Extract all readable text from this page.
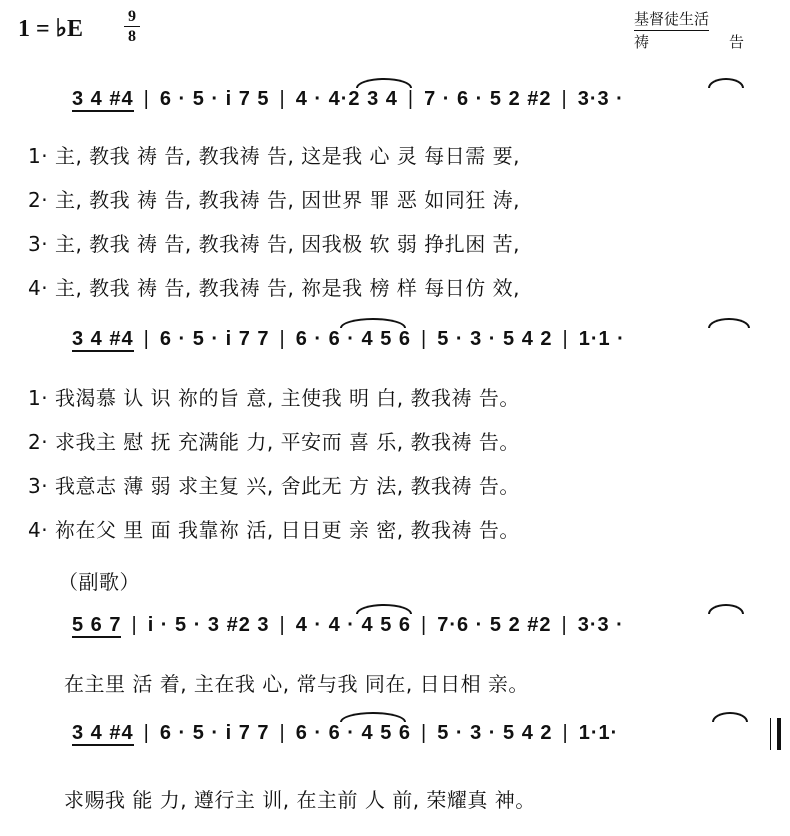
1 = ♭E	9
8
基督徒生活
祷	告
3 4 #4 | 6 · 5 · i 7 5 | 4 · 4·2 3 4 | 7 · 6 · 5 2 #2 | 3·3 ·
1· 主, 教我 祷 告, 教我祷 告, 这是我 心 灵 每日需 要,
2· 主, 教我 祷 告, 教我祷 告, 因世界 罪 恶 如同狂 涛,
3· 主, 教我 祷 告, 教我祷 告, 因我极 软 弱 挣扎困 苦,
4· 主, 教我 祷 告, 教我祷 告, 祢是我 榜 样 每日仿 效,
3 4 #4 | 6 · 5 · i 7 7 | 6 · 6 · 4 5 6 | 5 · 3 · 5 4 2 | 1·1 ·
1· 我渴慕 认 识 祢的旨 意, 主使我 明 白, 教我祷 告。
2· 求我主 慰 抚 充满能 力, 平安而 喜 乐, 教我祷 告。
3· 我意志 薄 弱 求主复 兴, 舍此无 方 法, 教我祷 告。
4· 祢在父 里 面 我靠祢 活, 日日更 亲 密, 教我祷 告。
（副歌）
5 6 7 | i · 5 · 3 #2 3 | 4 · 4 · 4 5 6 | 7·6 · 5 2 #2 | 3·3 ·
在主里 活 着, 主在我 心, 常与我 同在, 日日相 亲。
3 4 #4 | 6 · 5 · i 7 7 | 6 · 6 · 4 5 6 | 5 · 3 · 5 4 2 | 1·1·
求赐我 能 力, 遵行主 训, 在主前 人 前, 荣耀真 神。
